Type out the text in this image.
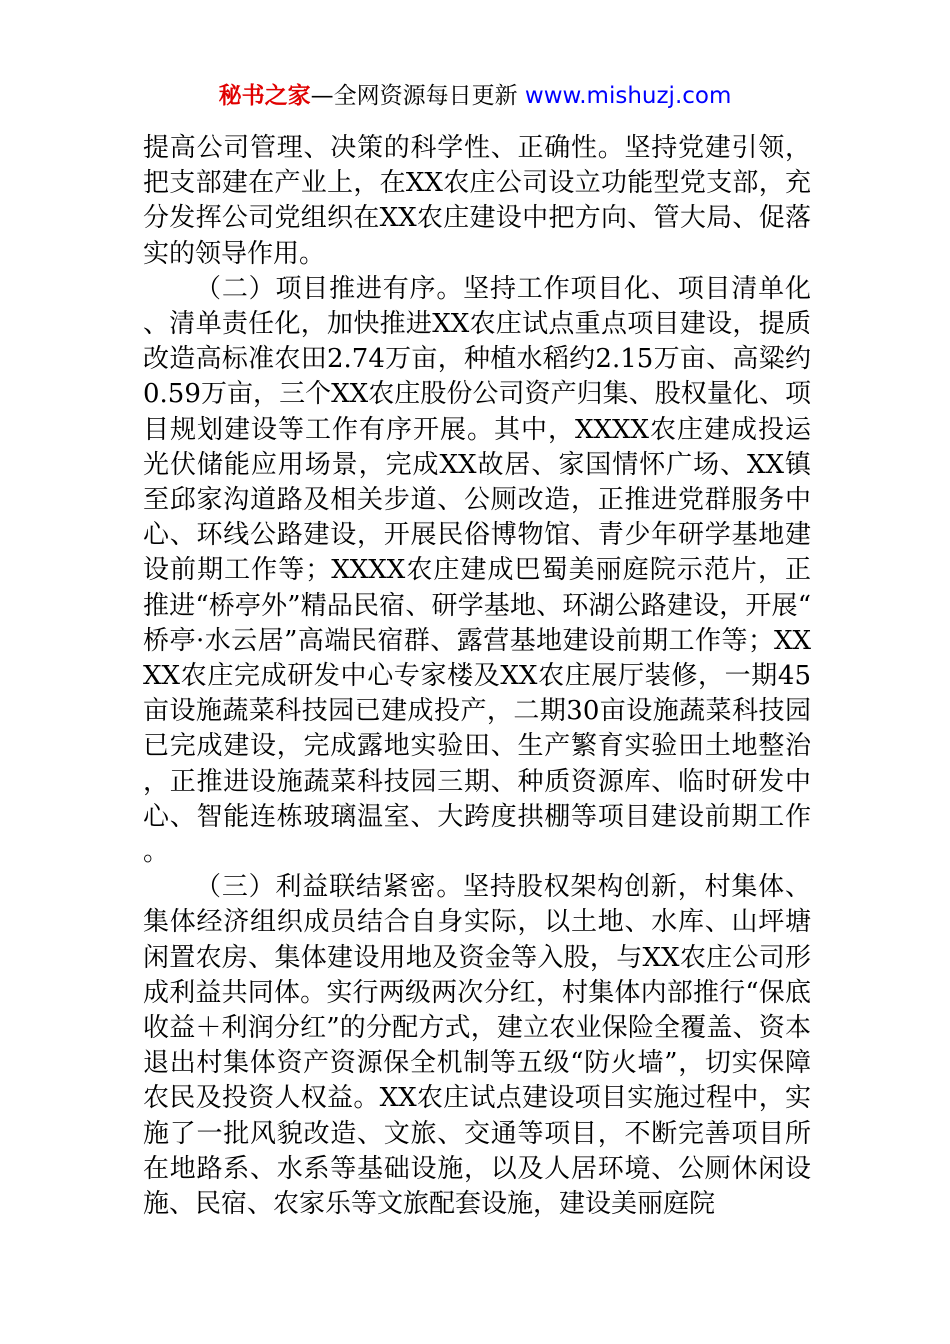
秘书之家—全网资源每日更新 www.mishuzj.com

提高公司管理、决策的科学性、正确性。坚持党建引领，把支部建在产业上，在XX农庄公司设立功能型党支部，充分发挥公司党组织在XX农庄建设中把方向、管大局、促落实的领导作用。

（二）项目推进有序。坚持工作项目化、项目清单化、清单责任化，加快推进XX农庄试点重点项目建设，提质改造高标准农田2.74万亩，种植水稻约2.15万亩、高粱约0.59万亩，三个XX农庄股份公司资产归集、股权量化、项目规划建设等工作有序开展。其中，XXXX农庄建成投运光伏储能应用场景，完成XX故居、家国情怀广场、XX镇至邱家沟道路及相关步道、公厕改造，正推进党群服务中心、环线公路建设，开展民俗博物馆、青少年研学基地建设前期工作等；XXXX农庄建成巴蜀美丽庭院示范片，正推进“桥亭外”精品民宿、研学基地、环湖公路建设，开展“桥亭·水云居”高端民宿群、露营基地建设前期工作等；XXXX农庄完成研发中心专家楼及XX农庄展厅装修，一期45亩设施蔬菜科技园已建成投产，二期30亩设施蔬菜科技园已完成建设，完成露地实验田、生产繁育实验田土地整治，正推进设施蔬菜科技园三期、种质资源库、临时研发中心、智能连栋玻璃温室、大跨度拱棚等项目建设前期工作。

（三）利益联结紧密。坚持股权架构创新，村集体、集体经济组织成员结合自身实际，以土地、水库、山坪塘闲置农房、集体建设用地及资金等入股，与XX农庄公司形成利益共同体。实行两级两次分红，村集体内部推行“保底收益＋利润分红”的分配方式，建立农业保险全覆盖、资本退出村集体资产资源保全机制等五级“防火墙”，切实保障农民及投资人权益。XX农庄试点建设项目实施过程中，实施了一批风貌改造、文旅、交通等项目，不断完善项目所在地路系、水系等基础设施，以及人居环境、公厕休闲设施、民宿、农家乐等文旅配套设施，建设美丽庭院
